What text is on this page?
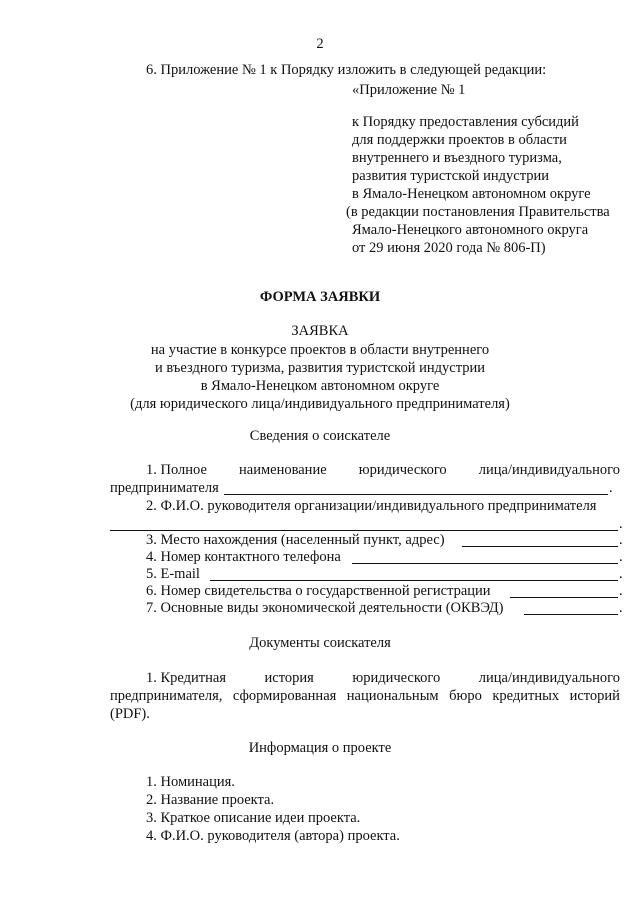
2
6. Приложение № 1 к Порядку изложить в следующей редакции:
«Приложение № 1
к Порядку предоставления субсидий
для поддержки проектов в области
внутреннего и въездного туризма,
развития туристской индустрии
в Ямало-Ненецком автономном округе
(в редакции постановления Правительства
Ямало-Ненецкого автономного округа
от 29 июня 2020 года № 806-П)
ФОРМА ЗАЯВКИ
ЗАЯВКА
на участие в конкурсе проектов в области внутреннего
и въездного туризма, развития туристской индустрии
в Ямало-Ненецком автономном округе
(для юридического лица/индивидуального предпринимателя)
Сведения о соискателе
1. Полное наименование юридического лица/индивидуального
предпринимателя	.
2. Ф.И.О. руководителя организации/индивидуального предпринимателя
.
3. Место нахождения (населенный пункт, адрес)	.
4. Номер контактного телефона	.
5. E-mail	.
6. Номер свидетельства о государственной регистрации	.
7. Основные виды экономической деятельности (ОКВЭД)	.
Документы соискателя
1. Кредитная	история	юридического	лица/индивидуального
предпринимателя, сформированная национальным бюро кредитных историй
(PDF).
Информация о проекте
1. Номинация.
2. Название проекта.
3. Краткое описание идеи проекта.
4. Ф.И.О. руководителя (автора) проекта.
